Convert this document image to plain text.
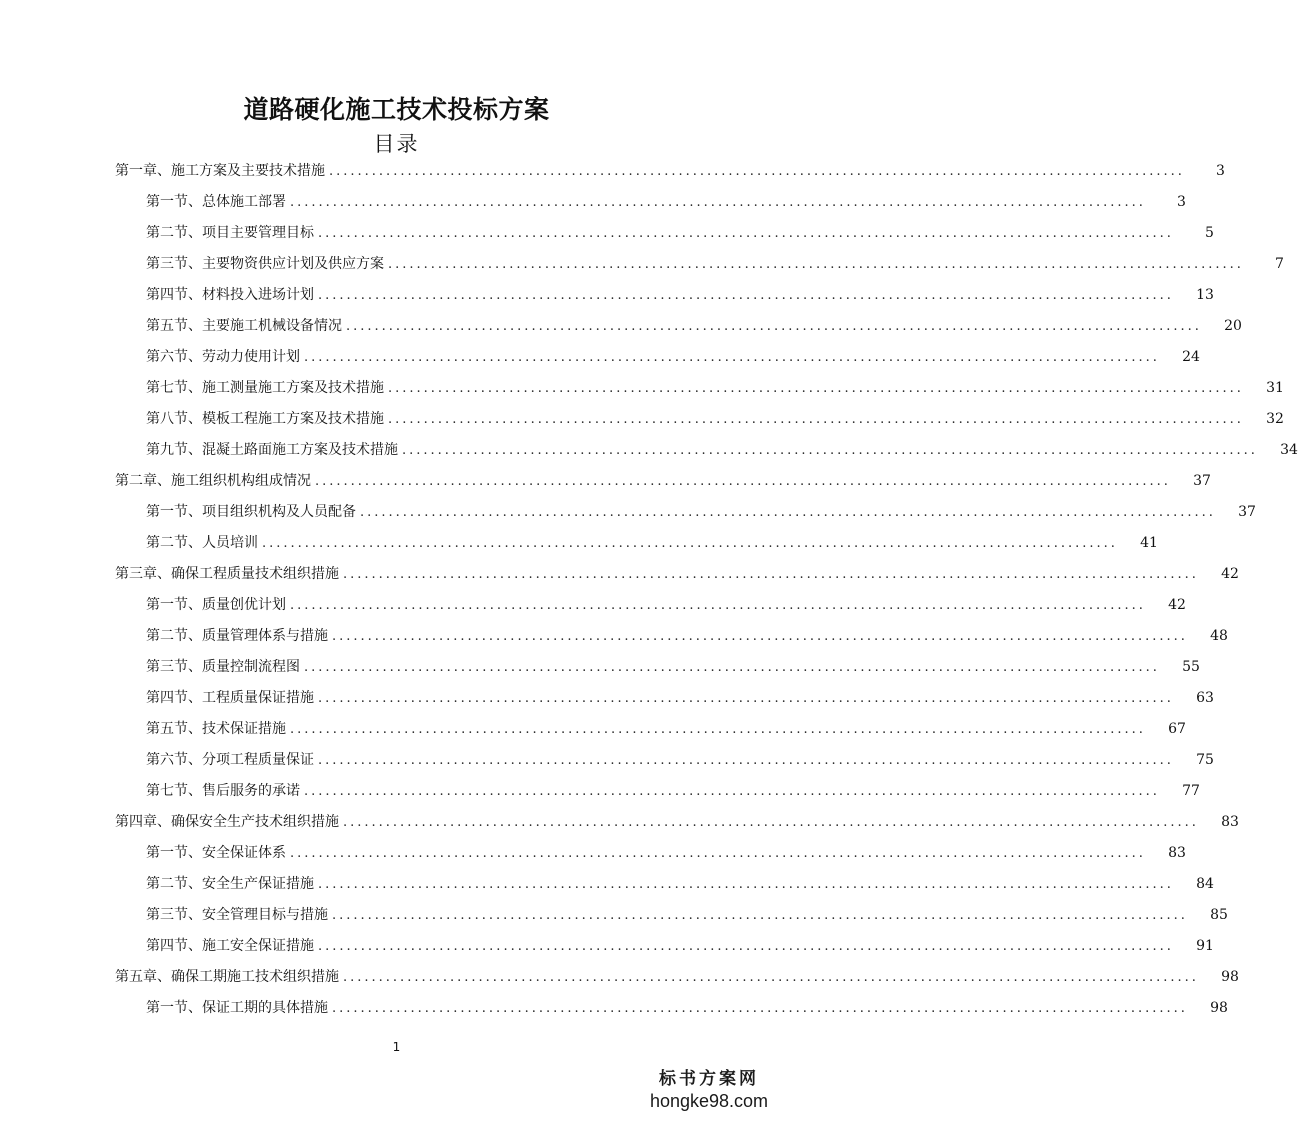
道路硬化施工技术投标方案
目录
第一章、施工方案及主要技术措施 ........................................................................................................................	3
第一节、总体施工部署 ........................................................................................................................	3
第二节、项目主要管理目标 ........................................................................................................................	5
第三节、主要物资供应计划及供应方案 ........................................................................................................................	7
第四节、材料投入进场计划 ........................................................................................................................	13
第五节、主要施工机械设备情况 ........................................................................................................................	20
第六节、劳动力使用计划 ........................................................................................................................	24
第七节、施工测量施工方案及技术措施 ........................................................................................................................	31
第八节、模板工程施工方案及技术措施 ........................................................................................................................	32
第九节、混凝土路面施工方案及技术措施 ........................................................................................................................	34
第二章、施工组织机构组成情况 ........................................................................................................................	37
第一节、项目组织机构及人员配备 ........................................................................................................................	37
第二节、人员培训 ........................................................................................................................	41
第三章、确保工程质量技术组织措施 ........................................................................................................................	42
第一节、质量创优计划 ........................................................................................................................	42
第二节、质量管理体系与措施 ........................................................................................................................	48
第三节、质量控制流程图 ........................................................................................................................	55
第四节、工程质量保证措施 ........................................................................................................................	63
第五节、技术保证措施 ........................................................................................................................	67
第六节、分项工程质量保证 ........................................................................................................................	75
第七节、售后服务的承诺 ........................................................................................................................	77
第四章、确保安全生产技术组织措施 ........................................................................................................................	83
第一节、安全保证体系 ........................................................................................................................	83
第二节、安全生产保证措施 ........................................................................................................................	84
第三节、安全管理目标与措施 ........................................................................................................................	85
第四节、施工安全保证措施 ........................................................................................................................	91
第五章、确保工期施工技术组织措施 ........................................................................................................................	98
第一节、保证工期的具体措施 ........................................................................................................................	98
1
标书方案网
hongke98.com
